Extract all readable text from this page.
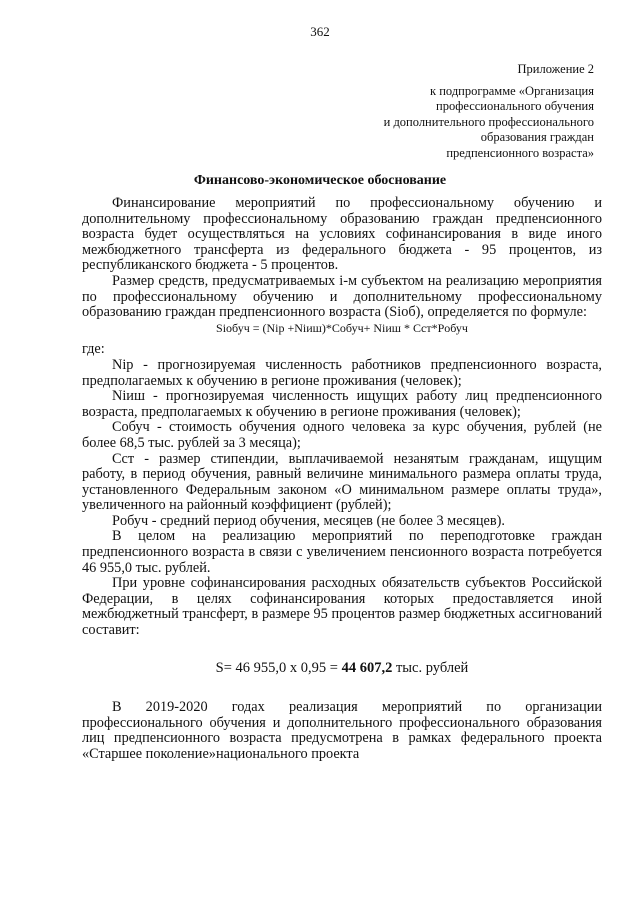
362
Приложение 2
к подпрограмме «Организация
профессионального обучения
и дополнительного профессионального
образования граждан
предпенсионного возраста»
Финансово-экономическое обоснование

Финансирование мероприятий по профессиональному обучению и дополнительному профессиональному образованию граждан предпенсионного возраста будет осуществляться на условиях софинансирования в виде иного межбюджетного трансферта из федерального бюджета - 95 процентов, из республиканского бюджета - 5 процентов.

Размер средств, предусматриваемых i-м субъектом на реализацию мероприятия по профессиональному обучению и дополнительному профессиональному образованию граждан предпенсионного возраста (Siоб), определяется по формуле:

Siобуч = (Nip +Niиш)*Cобуч+ Niиш * Cст*Pобуч

где:

Nip - прогнозируемая численность работников предпенсионного возраста, предполагаемых к обучению в регионе проживания (человек);

Niиш - прогнозируемая численность ищущих работу лиц предпенсионного возраста, предполагаемых к обучению в регионе проживания (человек);

Cобуч - стоимость обучения одного человека за курс обучения, рублей (не более 68,5 тыс. рублей за 3 месяца);

Cст - размер стипендии, выплачиваемой незанятым гражданам, ищущим работу, в период обучения, равный величине минимального размера оплаты труда, установленного Федеральным законом «О минимальном размере оплаты труда», увеличенного на районный коэффициент (рублей);

Pобуч - средний период обучения, месяцев (не более 3 месяцев).

В целом на реализацию мероприятий по переподготовке граждан предпенсионного возраста в связи с увеличением пенсионного возраста потребуется 46 955,0 тыс. рублей.

При уровне софинансирования расходных обязательств субъектов Российской Федерации, в целях софинансирования которых предоставляется иной межбюджетный трансферт, в размере 95 процентов размер бюджетных ассигнований составит:

S= 46 955,0 х 0,95 = 44 607,2 тыс. рублей

В 2019-2020 годах реализация мероприятий по организации профессионального обучения и дополнительного профессионального образования лиц предпенсионного возраста предусмотрена в рамках федерального проекта «Старшее поколение»национального проекта
